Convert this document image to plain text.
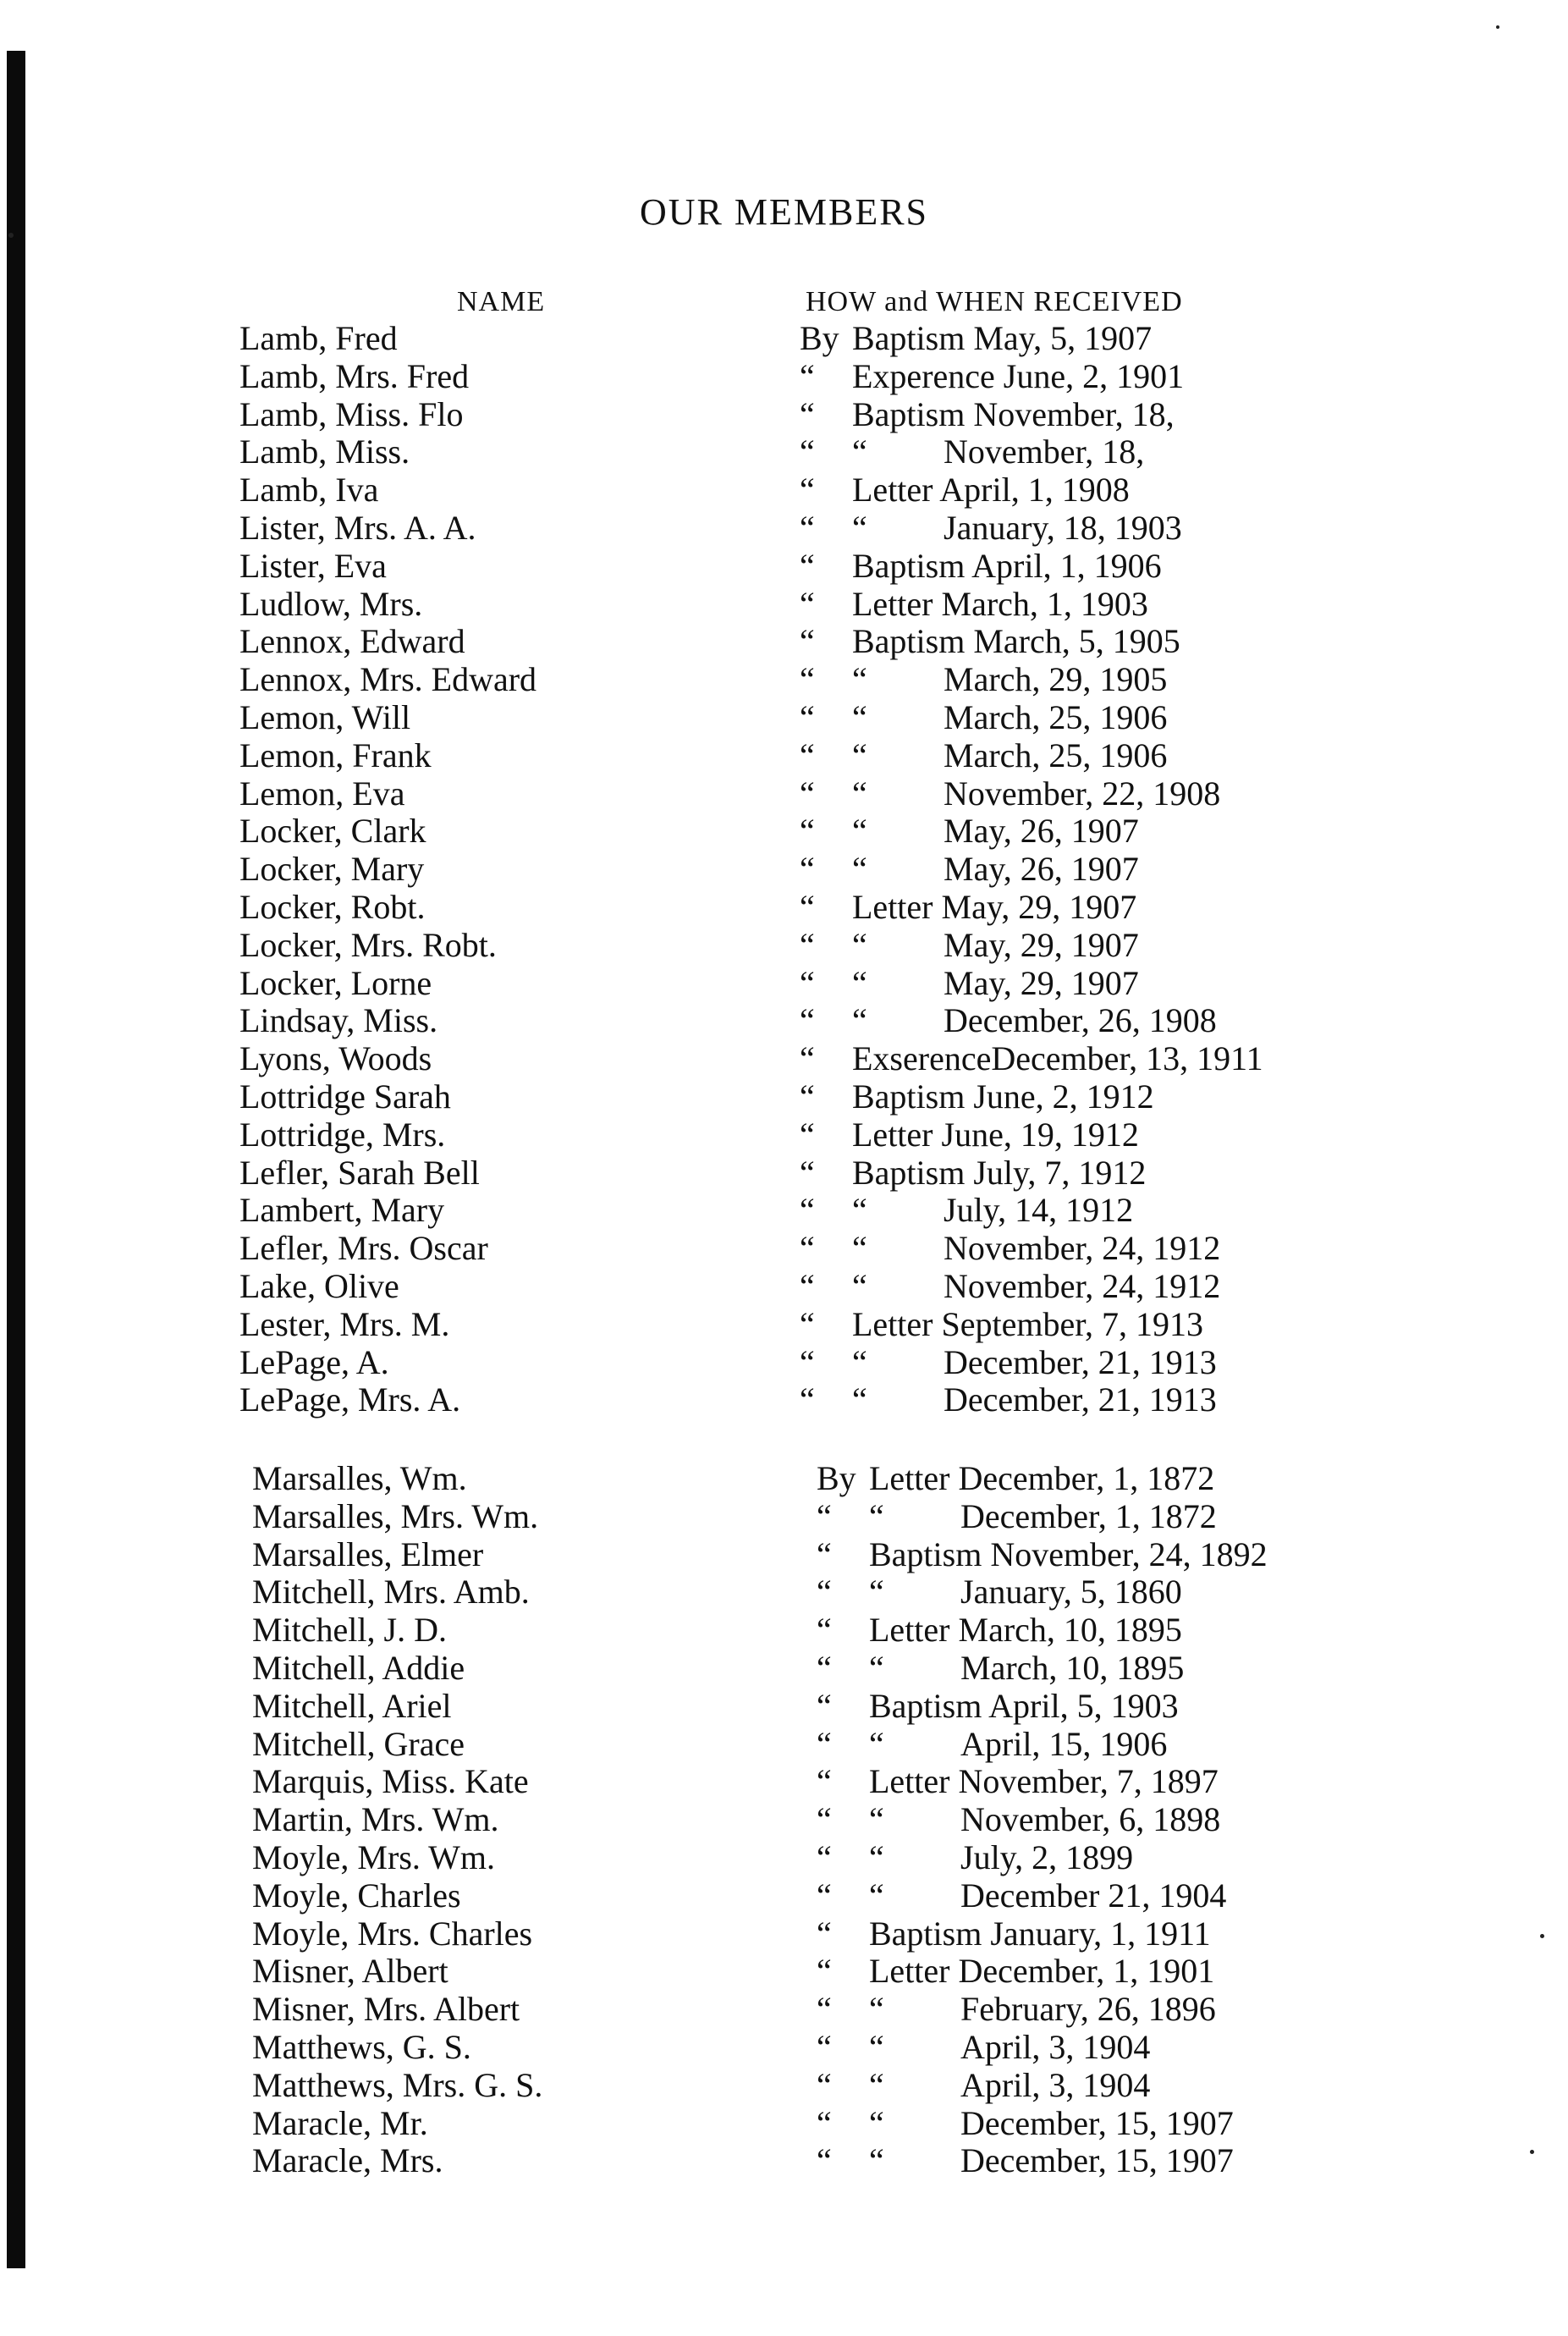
OUR MEMBERS
NAME	HOW and WHEN RECEIVED
Lamb, Fred	By Baptism May, 5, 1907
Lamb, Mrs. Fred	“ Experence June, 2, 1901
Lamb, Miss. Flo	“ Baptism November, 18,
Lamb, Miss.	“ “ November, 18,
Lamb, Iva	“ Letter April, 1, 1908
Lister, Mrs. A. A.	“ “ January, 18, 1903
Lister, Eva	“ Baptism April, 1, 1906
Ludlow, Mrs.	“ Letter March, 1, 1903
Lennox, Edward	“ Baptism March, 5, 1905
Lennox, Mrs. Edward	“ “ March, 29, 1905
Lemon, Will	“ “ March, 25, 1906
Lemon, Frank	“ “ March, 25, 1906
Lemon, Eva	“ “ November, 22, 1908
Locker, Clark	“ “ May, 26, 1907
Locker, Mary	“ “ May, 26, 1907
Locker, Robt.	“ Letter May, 29, 1907
Locker, Mrs. Robt.	“ “ May, 29, 1907
Locker, Lorne	“ “ May, 29, 1907
Lindsay, Miss.	“ “ December, 26, 1908
Lyons, Woods	“ ExserenceDecember, 13, 1911
Lottridge Sarah	“ Baptism June, 2, 1912
Lottridge, Mrs.	“ Letter June, 19, 1912
Lefler, Sarah Bell	“ Baptism July, 7, 1912
Lambert, Mary	“ “ July, 14, 1912
Lefler, Mrs. Oscar	“ “ November, 24, 1912
Lake, Olive	“ “ November, 24, 1912
Lester, Mrs. M.	“ Letter September, 7, 1913
LePage, A.	“ “ December, 21, 1913
LePage, Mrs. A.	“ “ December, 21, 1913
Marsalles, Wm.	By Letter December, 1, 1872
Marsalles, Mrs. Wm.	“ “ December, 1, 1872
Marsalles, Elmer	“ Baptism November, 24, 1892
Mitchell, Mrs. Amb.	“ “ January, 5, 1860
Mitchell, J. D.	“ Letter March, 10, 1895
Mitchell, Addie	“ “ March, 10, 1895
Mitchell, Ariel	“ Baptism April, 5, 1903
Mitchell, Grace	“ “ April, 15, 1906
Marquis, Miss. Kate	“ Letter November, 7, 1897
Martin, Mrs. Wm.	“ “ November, 6, 1898
Moyle, Mrs. Wm.	“ “ July, 2, 1899
Moyle, Charles	“ “ December 21, 1904
Moyle, Mrs. Charles	“ Baptism January, 1, 1911
Misner, Albert	“ Letter December, 1, 1901
Misner, Mrs. Albert	“ “ February, 26, 1896
Matthews, G. S.	“ “ April, 3, 1904
Matthews, Mrs. G. S.	“ “ April, 3, 1904
Maracle, Mr.	“ “ December, 15, 1907
Maracle, Mrs.	“ “ December, 15, 1907
